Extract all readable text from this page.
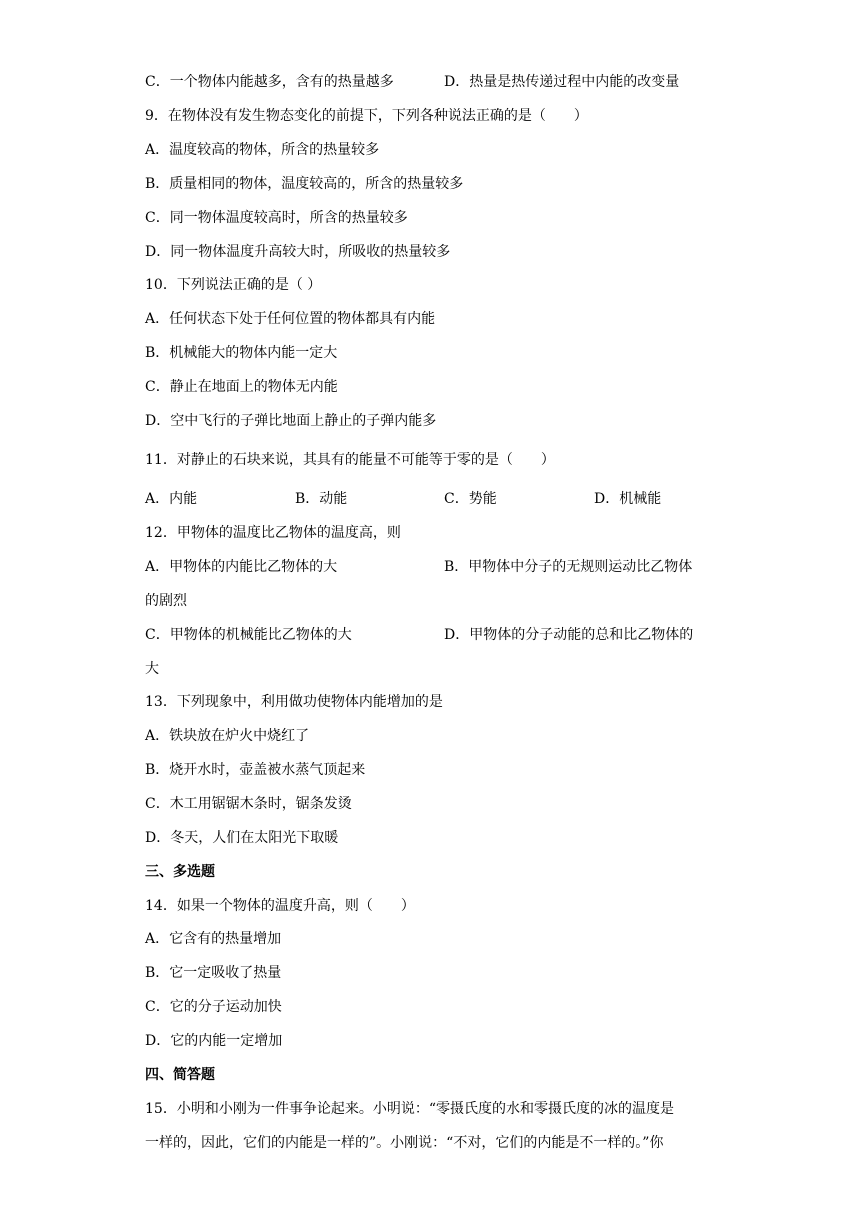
C．一个物体内能越多，含有的热量越多	D．热量是热传递过程中内能的改变量
9．在物体没有发生物态变化的前提下，下列各种说法正确的是（　　）
A．温度较高的物体，所含的热量较多
B．质量相同的物体，温度较高的，所含的热量较多
C．同一物体温度较高时，所含的热量较多
D．同一物体温度升高较大时，所吸收的热量较多
10．下列说法正确的是（ ）
A．任何状态下处于任何位置的物体都具有内能
B．机械能大的物体内能一定大
C．静止在地面上的物体无内能
D．空中飞行的子弹比地面上静止的子弹内能多
11．对静止的石块来说，其具有的能量不可能等于零的是（　　）
A．内能	B．动能	C．势能	D．机械能
12．甲物体的温度比乙物体的温度高，则
A．甲物体的内能比乙物体的大	B．甲物体中分子的无规则运动比乙物体
的剧烈
C．甲物体的机械能比乙物体的大	D．甲物体的分子动能的总和比乙物体的
大
13．下列现象中，利用做功使物体内能增加的是
A．铁块放在炉火中烧红了
B．烧开水时，壶盖被水蒸气顶起来
C．木工用锯锯木条时，锯条发烫
D．冬天，人们在太阳光下取暖
三、多选题
14．如果一个物体的温度升高，则（　　）
A．它含有的热量增加
B．它一定吸收了热量
C．它的分子运动加快
D．它的内能一定增加
四、简答题
15．小明和小刚为一件事争论起来。小明说：“零摄氏度的水和零摄氏度的冰的温度是
一样的，因此，它们的内能是一样的”。小刚说：“不对，它们的内能是不一样的。”你
